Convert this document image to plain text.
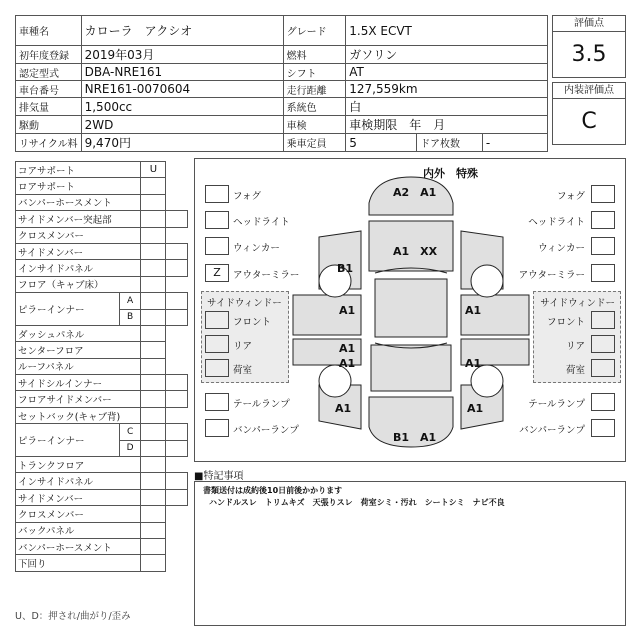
車種名	カローラ　アクシオ	グレード	1.5X ECVT		
初年度登録	2019年03月	燃料	ガソリン		
認定型式	DBA-NRE161	シフト	AT		
車台番号	NRE161-0070604	走行距離	127,559km		
排気量	1,500cc	系統色	白		
駆動	2WD	車検	車検期限　年　月		
リサイクル料	9,470円	乗車定員	5	ドア枚数	-
評価点
3.5
内装評価点
C
コアサポート		U	
ロアサポート			
バンパーホースメント			
サイドメンバー突起部			
クロスメンバー			
サイドメンバー			
インサイドパネル			
フロア（キャブ床）			
ピラーインナー	A		
	B		
ダッシュパネル			
センターフロア			
ルーフパネル			
サイドシルインナー			
フロアサイドメンバー			
セットバック(キャブ背)			
ピラーインナー	C		
	D		
トランクフロア			
インサイドパネル			
サイドメンバー			
クロスメンバー			
バックパネル			
バンパーホースメント			
下回り			
U、D：押され/曲がり/歪み
内外　特殊
フォグ
ヘッドライト
ウィンカー
Z	アウターミラー
サイドウィンドー
フロント
リア
荷室
テールランプ
バンパーランプ
フォグ
ヘッドライト
ウィンカー
アウターミラー
サイドウィンドー
フロント
リア
荷室
テールランプ
バンパーランプ
A2　A1
A1　XX
B1
A1
A1
A1
A1
A1
A1
A1
B1　A1
■特記事項
書類送付は成約後10日前後かかります
ハンドルスレ　トリムキズ　天張りスレ　荷室シミ・汚れ　シートシミ　ナビ不良
